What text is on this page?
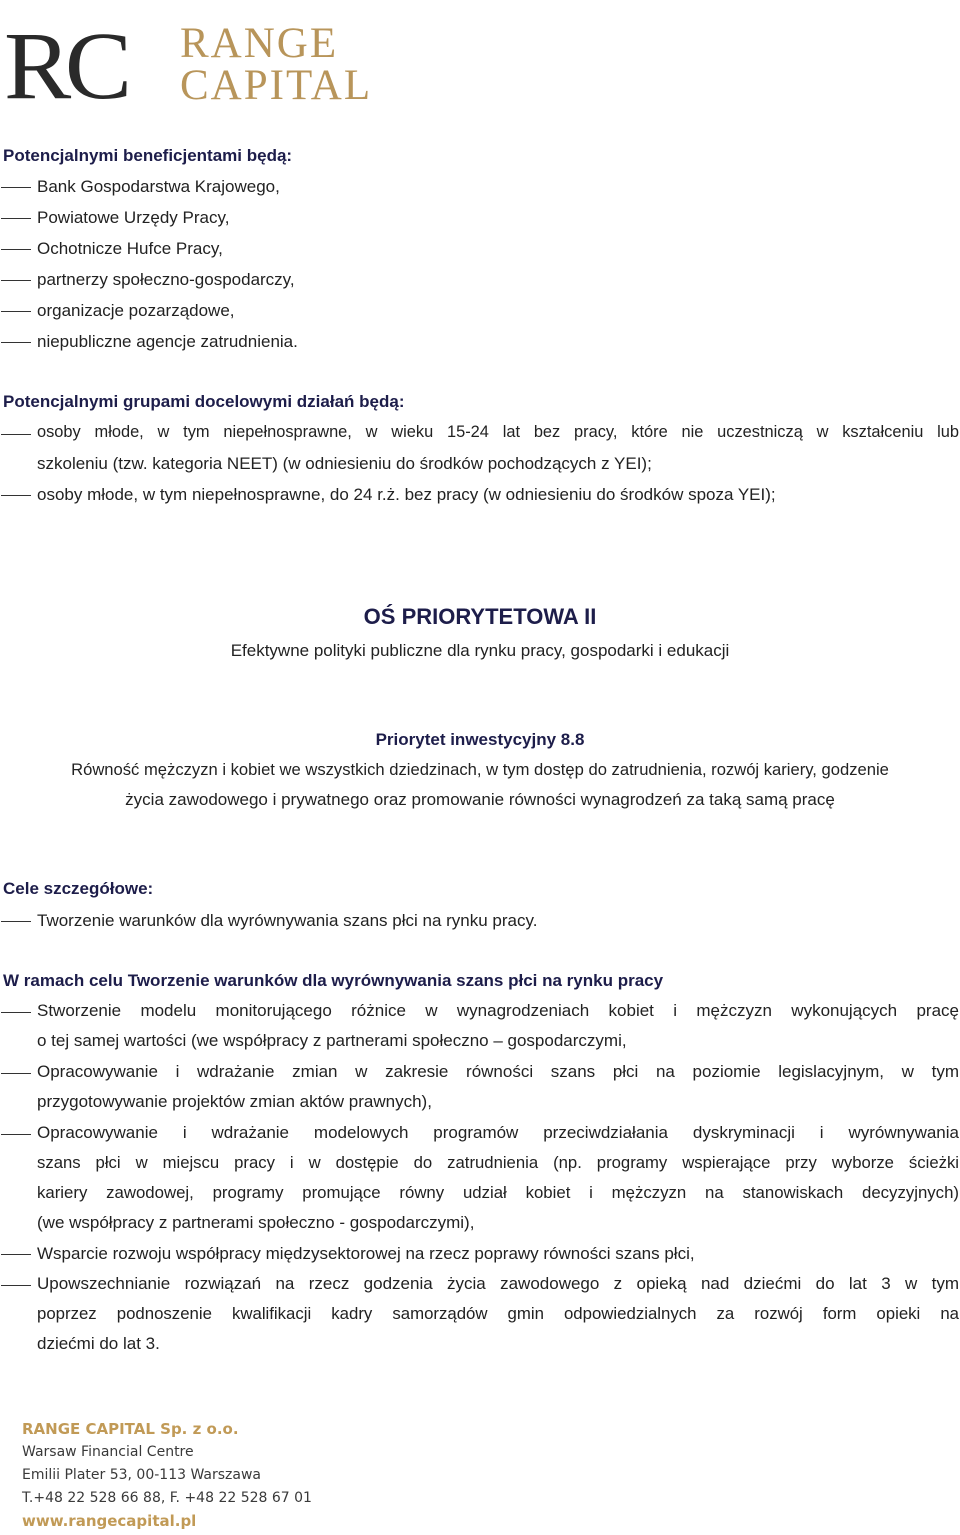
RC RANGE
CAPITAL
Potencjalnymi beneficjentami będą:
Bank Gospodarstwa Krajowego,
Powiatowe Urzędy Pracy,
Ochotnicze Hufce Pracy,
partnerzy społeczno-gospodarczy,
organizacje pozarządowe,
niepubliczne agencje zatrudnienia.
Potencjalnymi grupami docelowymi działań będą:
osoby młode, w tym niepełnosprawne, w wieku 15-24 lat bez pracy, które nie uczestniczą w kształceniu lub
szkoleniu (tzw. kategoria NEET) (w odniesieniu do środków pochodzących z YEI);
osoby młode, w tym niepełnosprawne, do 24 r.ż. bez pracy (w odniesieniu do środków spoza YEI);
OŚ PRIORYTETOWA II
Efektywne polityki publiczne dla rynku pracy, gospodarki i edukacji
Priorytet inwestycyjny 8.8
Równość mężczyzn i kobiet we wszystkich dziedzinach, w tym dostęp do zatrudnienia, rozwój kariery, godzenie
życia zawodowego i prywatnego oraz promowanie równości wynagrodzeń za taką samą pracę
Cele szczegółowe:
Tworzenie warunków dla wyrównywania szans płci na rynku pracy.
W ramach celu Tworzenie warunków dla wyrównywania szans płci na rynku pracy
Stworzenie modelu monitorującego różnice w wynagrodzeniach kobiet i mężczyzn wykonujących pracę
o tej samej wartości (we współpracy z partnerami społeczno – gospodarczymi,
Opracowywanie i wdrażanie zmian w zakresie równości szans płci na poziomie legislacyjnym, w tym
przygotowywanie projektów zmian aktów prawnych),
Opracowywanie i wdrażanie modelowych programów przeciwdziałania dyskryminacji i wyrównywania
szans płci w miejscu pracy i w dostępie do zatrudnienia (np. programy wspierające przy wyborze ścieżki
kariery zawodowej, programy promujące równy udział kobiet i mężczyzn na stanowiskach decyzyjnych)
(we współpracy z partnerami społeczno - gospodarczymi),
Wsparcie rozwoju współpracy międzysektorowej na rzecz poprawy równości szans płci,
Upowszechnianie rozwiązań na rzecz godzenia życia zawodowego z opieką nad dziećmi do lat 3 w tym
poprzez podnoszenie kwalifikacji kadry samorządów gmin odpowiedzialnych za rozwój form opieki na
dziećmi do lat 3.
RANGE CAPITAL Sp. z o.o.
Warsaw Financial Centre
Emilii Plater 53, 00-113 Warszawa
T.+48 22 528 66 88, F. +48 22 528 67 01
www.rangecapital.pl
